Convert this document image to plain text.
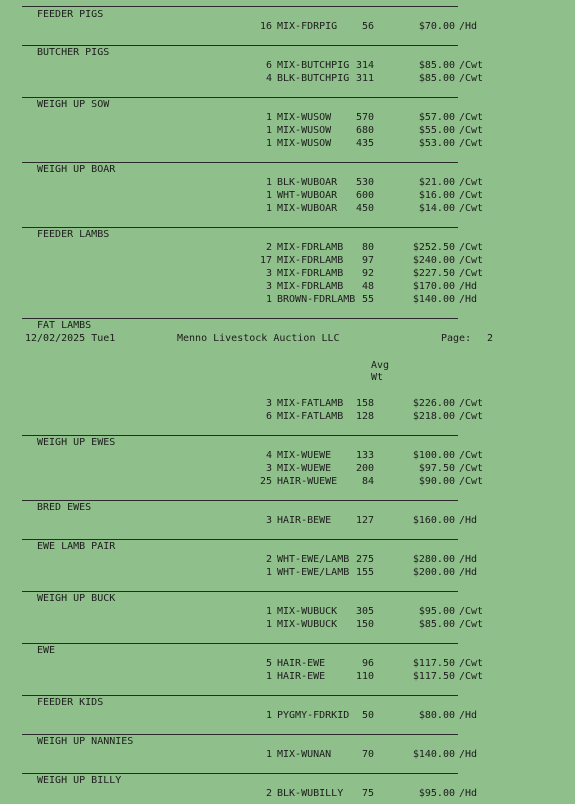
12/02/2025 Tue1	Menno Livestock Auction LLC	Page: 2
Avg
Wt
FEEDER PIGS
16 MIX-FDRPIG	56	$70.00 /Hd
BUTCHER PIGS
6 MIX-BUTCHPIG 314	$85.00 /Cwt
4 BLK-BUTCHPIG 311	$85.00 /Cwt
WEIGH UP SOW
1 MIX-WUSOW	570	$57.00 /Cwt
1 MIX-WUSOW	680	$55.00 /Cwt
1 MIX-WUSOW	435	$53.00 /Cwt
WEIGH UP BOAR
1 BLK-WUBOAR	530	$21.00 /Cwt
1 WHT-WUBOAR	600	$16.00 /Cwt
1 MIX-WUBOAR	450	$14.00 /Cwt
FEEDER LAMBS
2 MIX-FDRLAMB	80	$252.50 /Cwt
17 MIX-FDRLAMB	97	$240.00 /Cwt
3 MIX-FDRLAMB	92	$227.50 /Cwt
3 MIX-FDRLAMB	48	$170.00 /Hd
1 BROWN-FDRLAMB 55	$140.00 /Hd
FAT LAMBS
3 MIX-FATLAMB	158	$226.00 /Cwt
6 MIX-FATLAMB	128	$218.00 /Cwt
WEIGH UP EWES
4 MIX-WUEWE	133	$100.00 /Cwt
3 MIX-WUEWE	200	$97.50 /Cwt
25 HAIR-WUEWE	84	$90.00 /Cwt
BRED EWES
3 HAIR-BEWE	127	$160.00 /Hd
EWE LAMB PAIR
2 WHT-EWE/LAMB 275	$280.00 /Hd
1 WHT-EWE/LAMB 155	$200.00 /Hd
WEIGH UP BUCK
1 MIX-WUBUCK	305	$95.00 /Cwt
1 MIX-WUBUCK	150	$85.00 /Cwt
EWE
5 HAIR-EWE	96	$117.50 /Cwt
1 HAIR-EWE	110	$117.50 /Cwt
FEEDER KIDS
1 PYGMY-FDRKID	50	$80.00 /Hd
WEIGH UP NANNIES
1 MIX-WUNAN	70	$140.00 /Hd
WEIGH UP BILLY
2 BLK-WUBILLY	75	$95.00 /Hd
